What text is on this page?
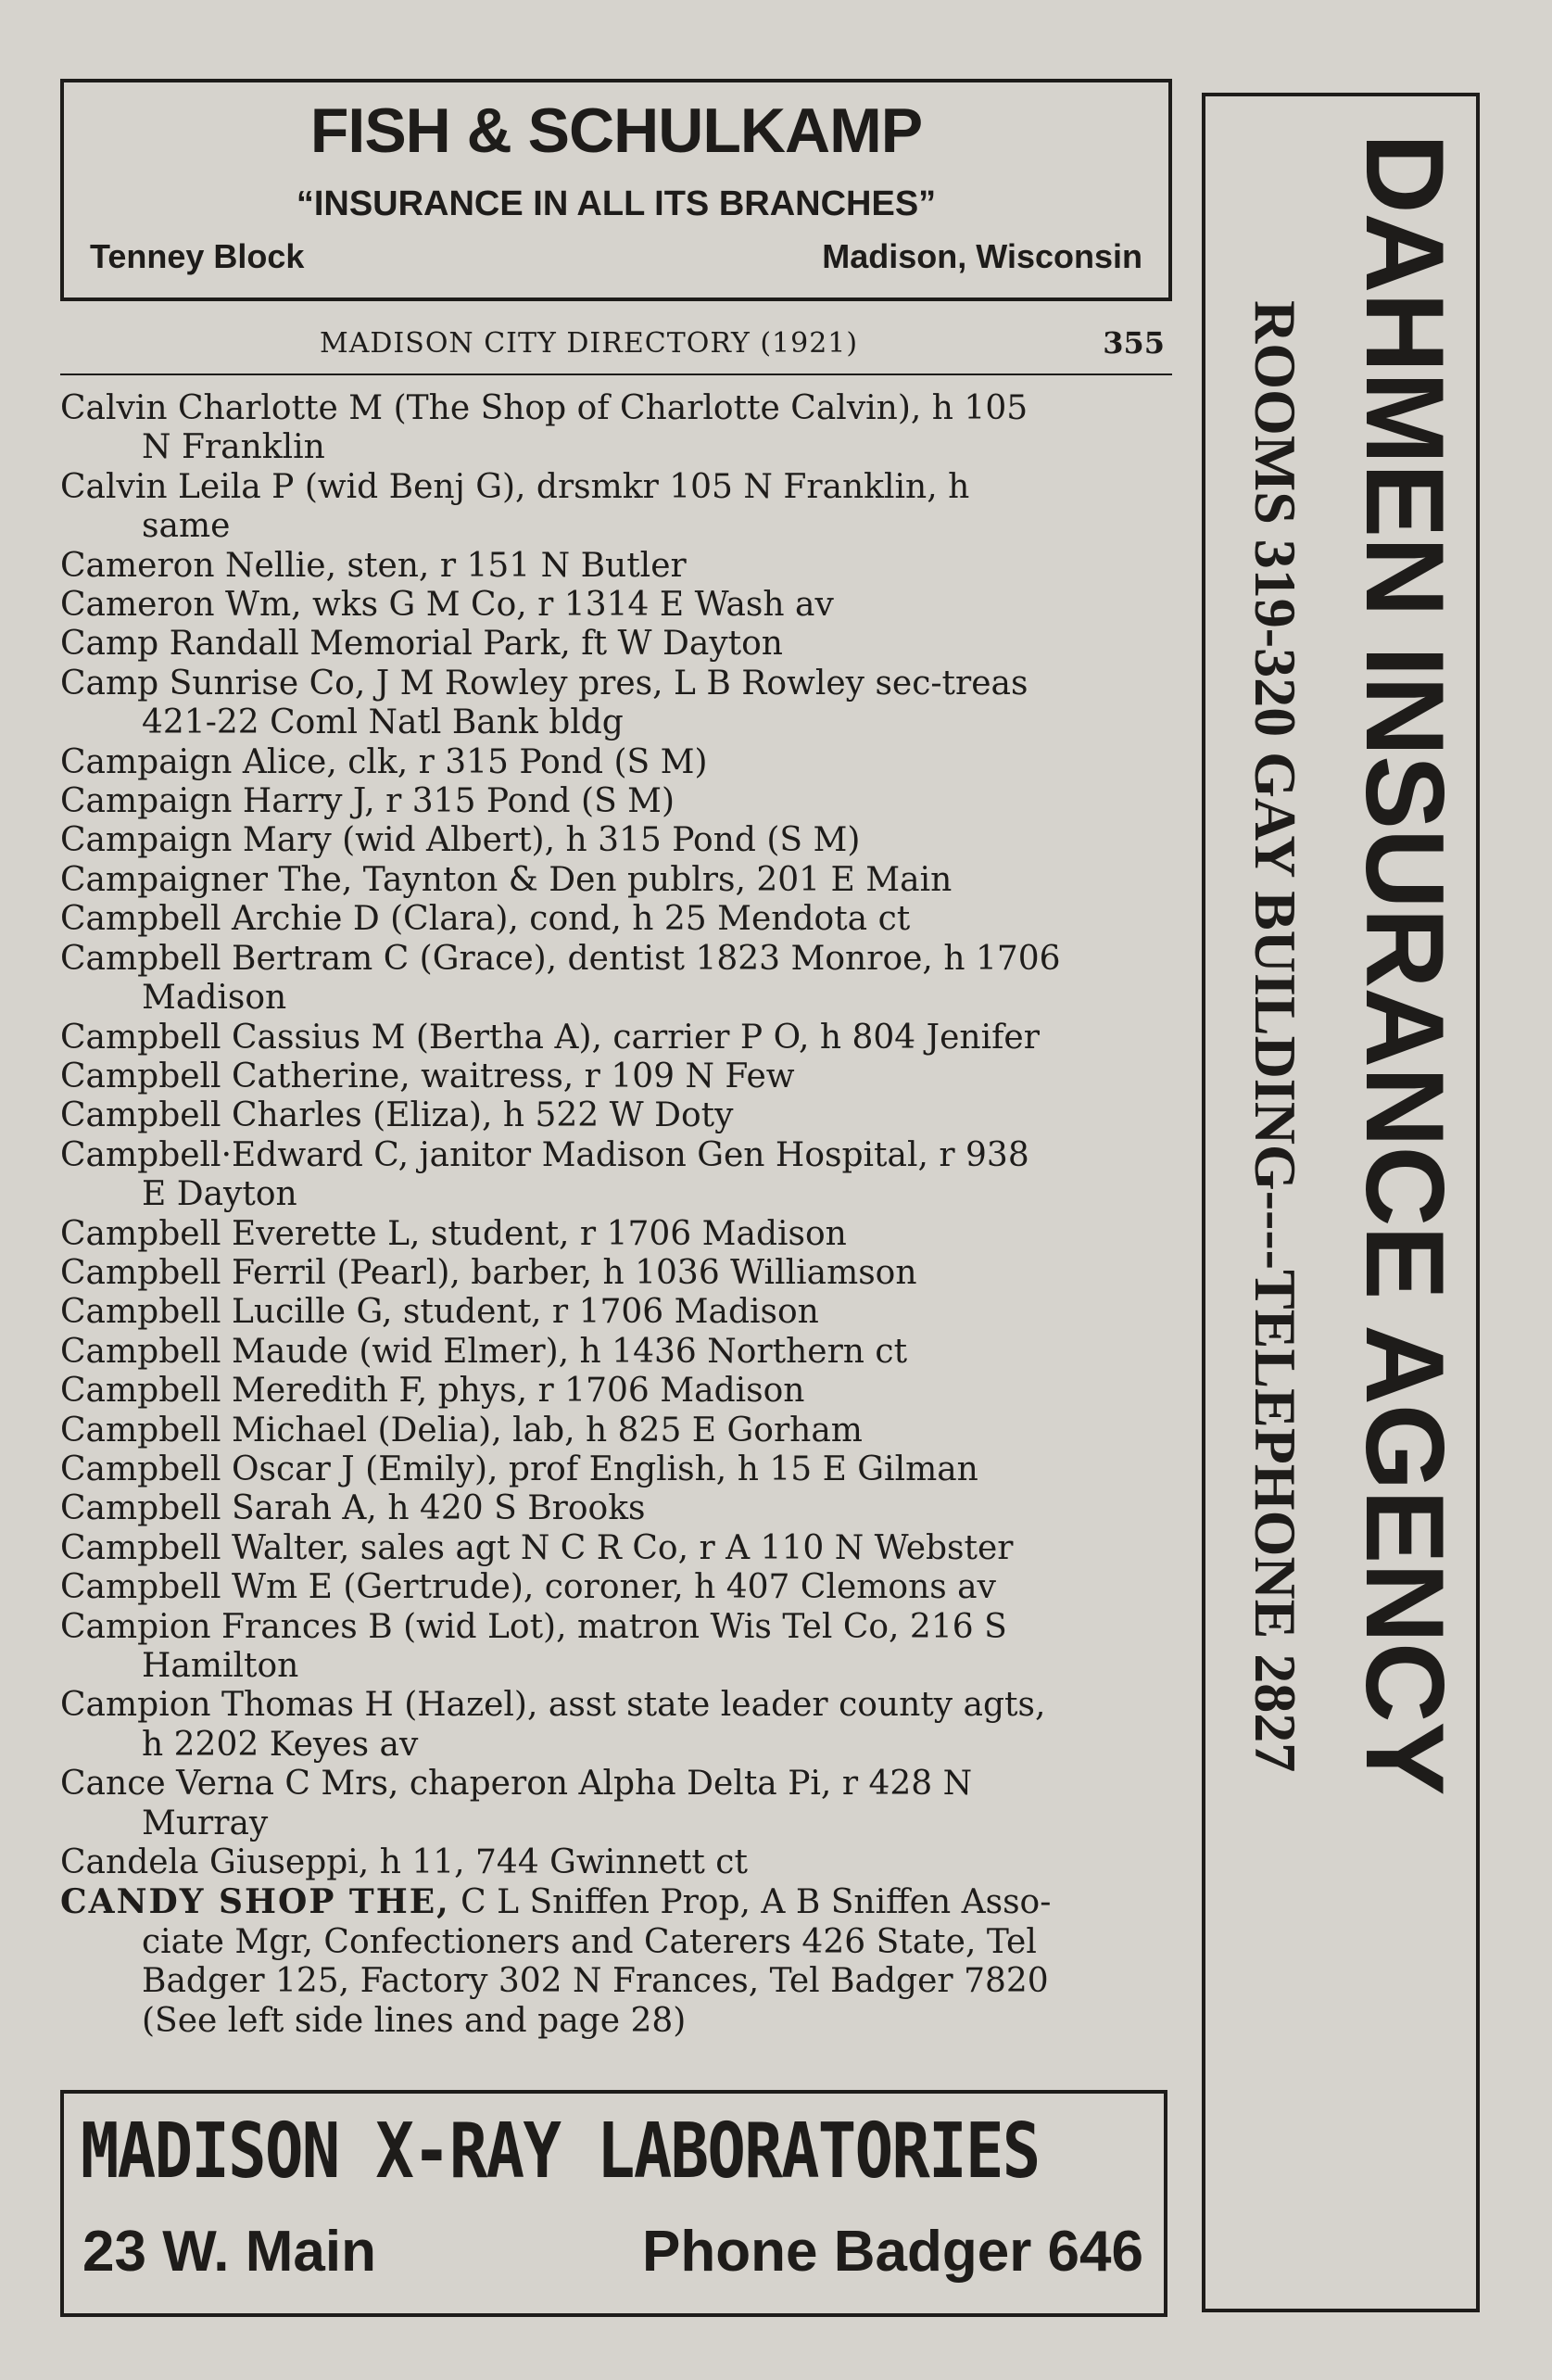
FISH & SCHULKAMP
“INSURANCE IN ALL ITS BRANCHES”
Tenney Block	Madison, Wisconsin
MADISON CITY DIRECTORY (1921)	355
Calvin Charlotte M (The Shop of Charlotte Calvin), h 105
N Franklin
Calvin Leila P (wid Benj G), drsmkr 105 N Franklin, h
same
Cameron Nellie, sten, r 151 N Butler
Cameron Wm, wks G M Co, r 1314 E Wash av
Camp Randall Memorial Park, ft W Dayton
Camp Sunrise Co, J M Rowley pres, L B Rowley sec-treas
421-22 Coml Natl Bank bldg
Campaign Alice, clk, r 315 Pond (S M)
Campaign Harry J, r 315 Pond (S M)
Campaign Mary (wid Albert), h 315 Pond (S M)
Campaigner The, Taynton & Den publrs, 201 E Main
Campbell Archie D (Clara), cond, h 25 Mendota ct
Campbell Bertram C (Grace), dentist 1823 Monroe, h 1706
Madison
Campbell Cassius M (Bertha A), carrier P O, h 804 Jenifer
Campbell Catherine, waitress, r 109 N Few
Campbell Charles (Eliza), h 522 W Doty
Campbell·Edward C, janitor Madison Gen Hospital, r 938
E Dayton
Campbell Everette L, student, r 1706 Madison
Campbell Ferril (Pearl), barber, h 1036 Williamson
Campbell Lucille G, student, r 1706 Madison
Campbell Maude (wid Elmer), h 1436 Northern ct
Campbell Meredith F, phys, r 1706 Madison
Campbell Michael (Delia), lab, h 825 E Gorham
Campbell Oscar J (Emily), prof English, h 15 E Gilman
Campbell Sarah A, h 420 S Brooks
Campbell Walter, sales agt N C R Co, r A 110 N Webster
Campbell Wm E (Gertrude), coroner, h 407 Clemons av
Campion Frances B (wid Lot), matron Wis Tel Co, 216 S
Hamilton
Campion Thomas H (Hazel), asst state leader county agts,
h 2202 Keyes av
Cance Verna C Mrs, chaperon Alpha Delta Pi, r 428 N
Murray
Candela Giuseppi, h 11, 744 Gwinnett ct
CANDY SHOP THE, C L Sniffen Prop, A B Sniffen Asso-
ciate Mgr, Confectioners and Caterers 426 State, Tel
Badger 125, Factory 302 N Frances, Tel Badger 7820
(See left side lines and page 28)
MADISON X-RAY LABORATORIES
23 W. Main	Phone Badger 646
DAHMEN INSURANCE AGENCY
ROOMS 319-320 GAY BUILDING----TELEPHONE 2827
